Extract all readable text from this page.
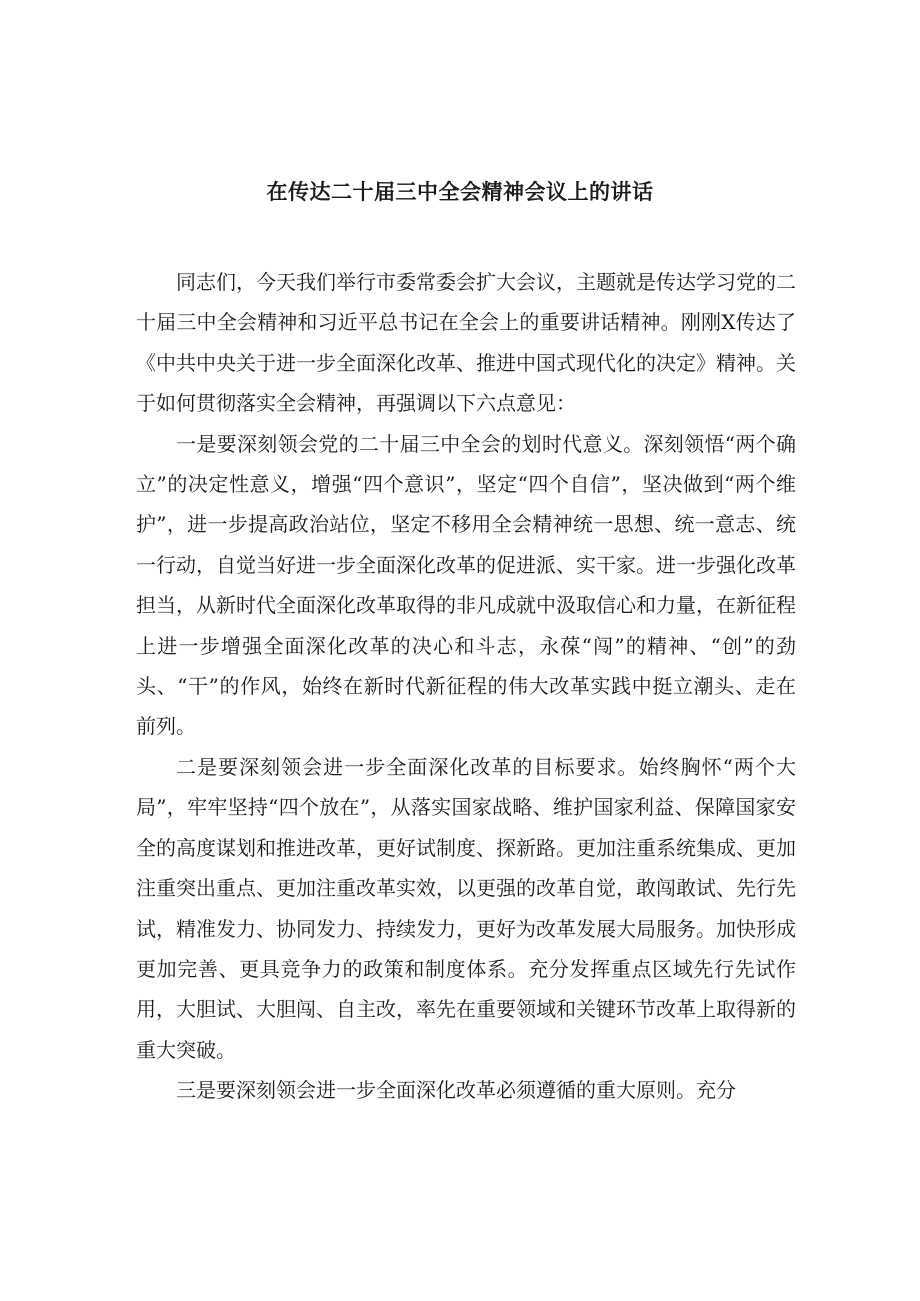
在传达二十届三中全会精神会议上的讲话

同志们，今天我们举行市委常委会扩大会议，主题就是传达学习党的二十届三中全会精神和习近平总书记在全会上的重要讲话精神。刚刚X传达了《中共中央关于进一步全面深化改革、推进中国式现代化的决定》精神。关于如何贯彻落实全会精神，再强调以下六点意见：

一是要深刻领会党的二十届三中全会的划时代意义。深刻领悟“两个确立”的决定性意义，增强“四个意识”，坚定“四个自信”，坚决做到“两个维护”，进一步提高政治站位，坚定不移用全会精神统一思想、统一意志、统一行动，自觉当好进一步全面深化改革的促进派、实干家。进一步强化改革担当，从新时代全面深化改革取得的非凡成就中汲取信心和力量，在新征程上进一步增强全面深化改革的决心和斗志，永葆“闯”的精神、“创”的劲头、“干”的作风，始终在新时代新征程的伟大改革实践中挺立潮头、走在前列。

二是要深刻领会进一步全面深化改革的目标要求。始终胸怀“两个大局”，牢牢坚持“四个放在”，从落实国家战略、维护国家利益、保障国家安全的高度谋划和推进改革，更好试制度、探新路。更加注重系统集成、更加注重突出重点、更加注重改革实效，以更强的改革自觉，敢闯敢试、先行先试，精准发力、协同发力、持续发力，更好为改革发展大局服务。加快形成更加完善、更具竞争力的政策和制度体系。充分发挥重点区域先行先试作用，大胆试、大胆闯、自主改，率先在重要领域和关键环节改革上取得新的重大突破。

三是要深刻领会进一步全面深化改革必须遵循的重大原则。充分
